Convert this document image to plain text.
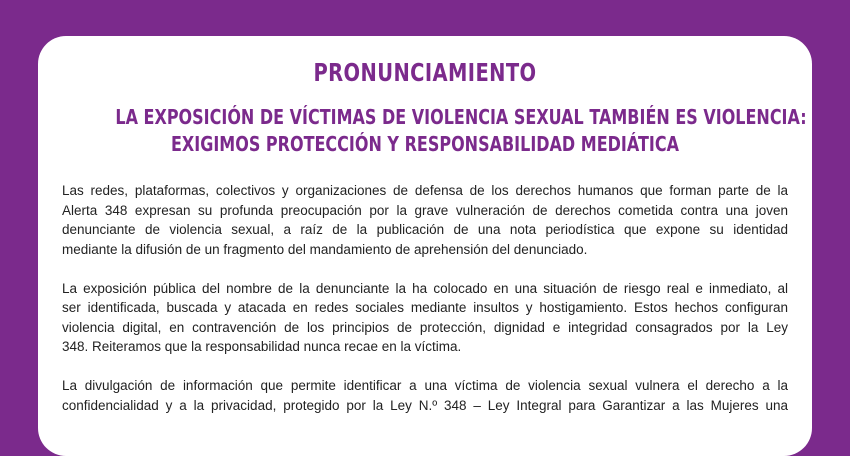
PRONUNCIAMIENTO
LA EXPOSICIÓN DE VÍCTIMAS DE VIOLENCIA SEXUAL TAMBIÉN ES VIOLENCIA:
EXIGIMOS PROTECCIÓN Y RESPONSABILIDAD MEDIÁTICA

Las redes, plataformas, colectivos y organizaciones de defensa de los derechos humanos que forman parte de la
Alerta 348 expresan su profunda preocupación por la grave vulneración de derechos cometida contra una joven
denunciante de violencia sexual, a raíz de la publicación de una nota periodística que expone su identidad
mediante la difusión de un fragmento del mandamiento de aprehensión del denunciado.

La exposición pública del nombre de la denunciante la ha colocado en una situación de riesgo real e inmediato, al
ser identificada, buscada y atacada en redes sociales mediante insultos y hostigamiento. Estos hechos configuran
violencia digital, en contravención de los principios de protección, dignidad e integridad consagrados por la Ley
348. Reiteramos que la responsabilidad nunca recae en la víctima.

La divulgación de información que permite identificar a una víctima de violencia sexual vulnera el derecho a la
confidencialidad y a la privacidad, protegido por la Ley N.º 348 – Ley Integral para Garantizar a las Mujeres una
